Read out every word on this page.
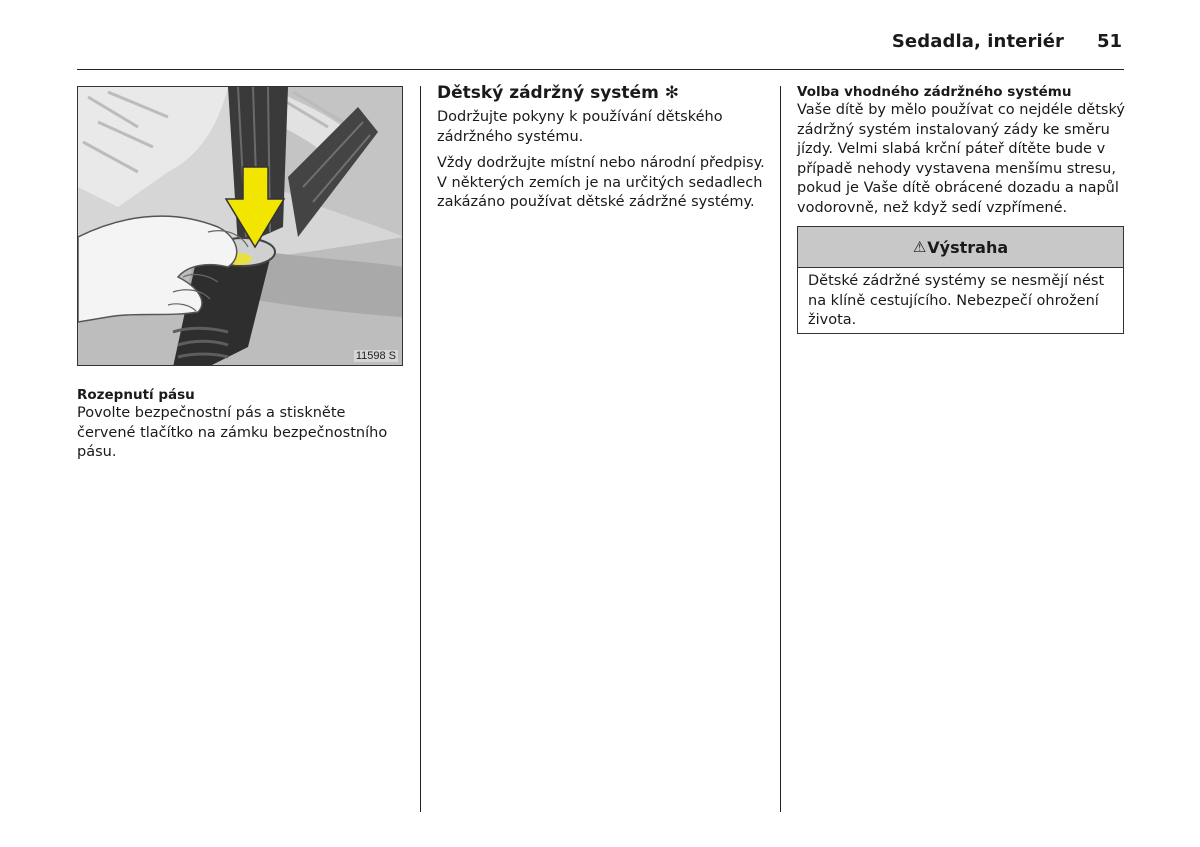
Sedadla, interiér 51
11598 S
Rozepnutí pásu
Povolte bezpečnostní pás a stiskněte červené tlačítko na zámku bezpečnostního pásu.
Dětský zádržný systém ✻
Dodržujte pokyny k používání dětského zádržného systému.
Vždy dodržujte místní nebo národní předpisy. V některých zemích je na určitých sedadlech zakázáno používat dětské zádržné systémy.
Volba vhodného zádržného systému
Vaše dítě by mělo používat co nejdéle dětský zádržný systém instalovaný zády ke směru jízdy. Velmi slabá krční páteř dítěte bude v případě nehody vystavena menšímu stresu, pokud je Vaše dítě obrácené dozadu a napůl vodorovně, než když sedí vzpřímené.
⚠ Výstraha
Dětské zádržné systémy se nesmějí nést na klíně cestujícího. Nebezpečí ohrožení života.
